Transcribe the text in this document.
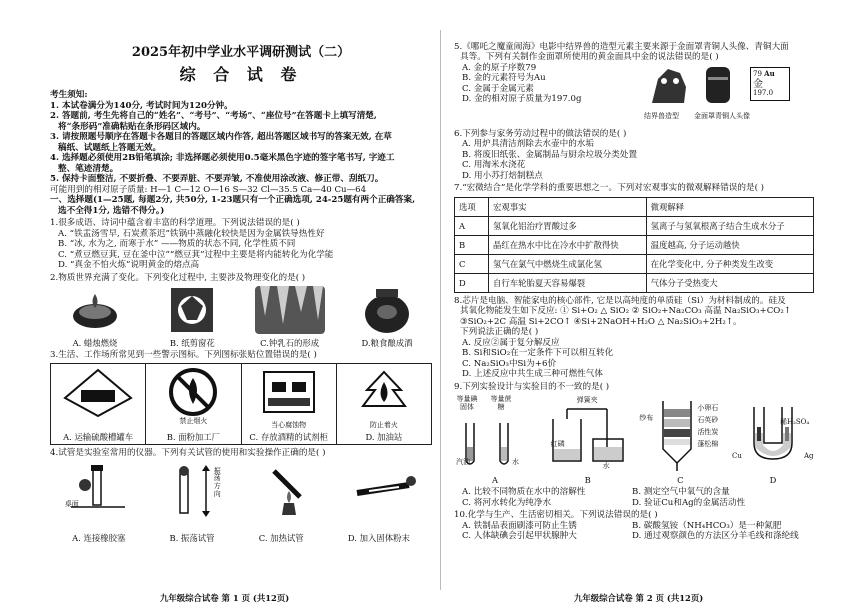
2025年初中学业水平调研测试（二）
综 合 试 卷
考生须知:
1. 本试卷满分为140分, 考试时间为120分钟。
2. 答题前, 考生先将自己的“姓名”、“考号”、“考场”、“座位号”在答题卡上填写清楚,
将“条形码”准确粘贴在条形码区域内。
3. 请按照题号顺序在答题卡各题目的答题区域内作答, 超出答题区域书写的答案无效, 在草
稿纸、试题纸上答题无效。
4. 选择题必须使用2B铅笔填涂; 非选择题必须使用0.5毫米黑色字迹的签字笔书写, 字迹工
整、笔迹清楚。
5. 保持卡面整洁, 不要折叠、不要弄脏、不要弄皱, 不准使用涂改液、修正带、刮纸刀。
可能用到的相对原子质量: H—1 C—12 O—16 S—32 Cl—35.5 Ca—40 Cu—64
一、选择题(1—25题, 每题2分, 共50分, 1-23题只有一个正确选项, 24-25题有两个正确答案,
选不全得1分, 选错不得分。)
1.很多成语、诗词中蕴含着丰富的科学道理。下列说法错误的是( )
A. “铁盂汤雪早, 石炭煮茶迟”铁锅中蒸融化较快是因为金属铁导热性好
B. “冰, 水为之, 而寒于水” ——物质的状态不同, 化学性质不同
C. “煮豆燃豆萁, 豆在釜中泣”“燃豆萁”过程中主要是将内能转化为化学能
D. “真金不怕火炼”说明黄金的熔点高
2.物质世界充满了变化。下列变化过程中, 主要涉及物理变化的是( )
A. 蜡烛燃烧	B. 纸剪窗花	C.钟乳石的形成	D.粮食酿成酒
3.生活、工作场所常见到一些警示图标。下列图标张贴位置错误的是( )
A. 运输硫酸槽罐车
禁止烟火
B. 面粉加工厂
当心腐蚀物
C. 存放酒精的试剂柜
防止着火
D. 加油站
4.试管是实验室常用的仪器。下列有关试管的使用和实验操作正确的是( )
桌面
振荡方向
A. 连接橡胶塞	B. 振荡试管	C. 加热试管	D. 加入固体粉末
九年级综合试卷 第 1 页 (共12页)
5.《哪吒之魔童闹海》电影中结界兽的造型元素主要来源于金面罩青铜人头像、青铜大面
具等。下列有关制作金面罩所使用的黄金面具中金的说法错误的是( )
A. 金的原子序数79
B. 金的元素符号为Au
C. 金属于金属元素
D. 金的相对原子质量为197.0g
79 Au
金
197.0
结界兽造型 金面罩青铜人头像
6.下列参与家务劳动过程中的做法错误的是( )
A. 用炉具清洁剂除去水壶中的水垢
B. 将废旧纸张、金属制品与厨余垃圾分类处置
C. 用淘米水浇花
D. 用小苏打焙制糕点
7.“宏微结合”是化学学科的重要思想之一。下列对宏观事实的微观解释错误的是( )
选项	宏观事实	微观解释
A	氢氧化铝治疗胃酸过多	氢离子与氢氧根离子结合生成水分子
B	晶红在热水中比在冷水中扩散得快	温度越高, 分子运动越快
C	氢气在氯气中燃烧生成氯化氢	在化学变化中, 分子种类发生改变
D	自行车轮胎夏天容易爆裂	气体分子受热变大
8.芯片是电脑、智能家电的核心部件, 它是以高纯度的单质硅（Si）为材料制成的。硅及
其氧化物能发生如下反应: ① Si+O₂ △ SiO₂ ② SiO₂+Na₂CO₃ 高温 Na₂SiO₃+CO₂↑
③SiO₂+2C 高温 Si+2CO↑ ④Si+2NaOH+H₂O △ Na₂SiO₃+2H₂↑。
下列说法正确的是( )
A. 反应②属于复分解反应
B. Si和SiO₂在一定条件下可以相互转化
C. Na₂SiO₃中Si为+6价
D. 上述反应中共生成三种可燃性气体
9.下列实验设计与实验目的不一致的是( )
等量碘固体
等量蔗糖
汽油	水
A
弹簧夹
红磷
水
B
纱布
小卵石
石英砂
活性炭
蓬松棉
C
稀H₂SO₄
Cu	Ag
D
A. 比较不同物质在水中的溶解性	B. 测定空气中氧气的含量
C. 将河水转化为纯净水	D. 验证Cu和Ag的金属活动性
10.化学与生产、生活密切相关。下列说法错误的是( )
A. 铁制品表面刷漆可防止生锈	B. 碳酸氢铵（NH₄HCO₃）是一种氮肥
C. 人体缺碘会引起甲状腺肿大	D. 通过观察颜色的方法区分羊毛线和涤纶线
九年级综合试卷 第 2 页 (共12页)
